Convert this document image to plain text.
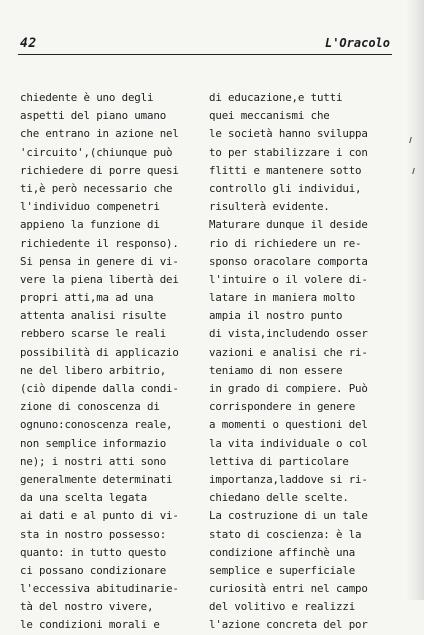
42	L'Oracolo
chiedente è uno degli
aspetti del piano umano
che entrano in azione nel
'circuito',(chiunque può
richiedere di porre quesi
ti,è però necessario che
l'individuo compenetri
appieno la funzione di
richiedente il responso).
Si pensa in genere di vi-
vere la piena libertà dei
propri atti,ma ad una
attenta analisi risulte
rebbero scarse le reali
possibilità di applicazio
ne del libero arbitrio,
(ciò dipende dalla condi-
zione di conoscenza di
ognuno:conoscenza reale,
non semplice informazio
ne); i nostri atti sono
generalmente determinati
da una scelta legata
ai dati e al punto di vi-
sta in nostro possesso:
quanto: in tutto questo
ci possano condizionare
l'eccessiva abitudinarie-
tà del nostro vivere,
le condizioni morali e
di educazione,e tutti
quei meccanismi che
le società hanno sviluppa
to per stabilizzare i con
flitti e mantenere sotto
controllo gli individui,
risulterà evidente.
Maturare dunque il deside
rio di richiedere un re-
sponso oracolare comporta
l'intuire o il volere di-
latare in maniera molto
ampia il nostro punto
di vista,includendo osser
vazioni e analisi che ri-
teniamo di non essere
in grado di compiere. Può
corrispondere in genere
a momenti o questioni del
la vita individuale o col
lettiva di particolare
importanza,laddove si ri-
chiedano delle scelte.
La costruzione di un tale
stato di coscienza: è la
condizione affinchè una
semplice e superficiale
curiosità entri nel campo
del volitivo e realizzi
l'azione concreta del por
